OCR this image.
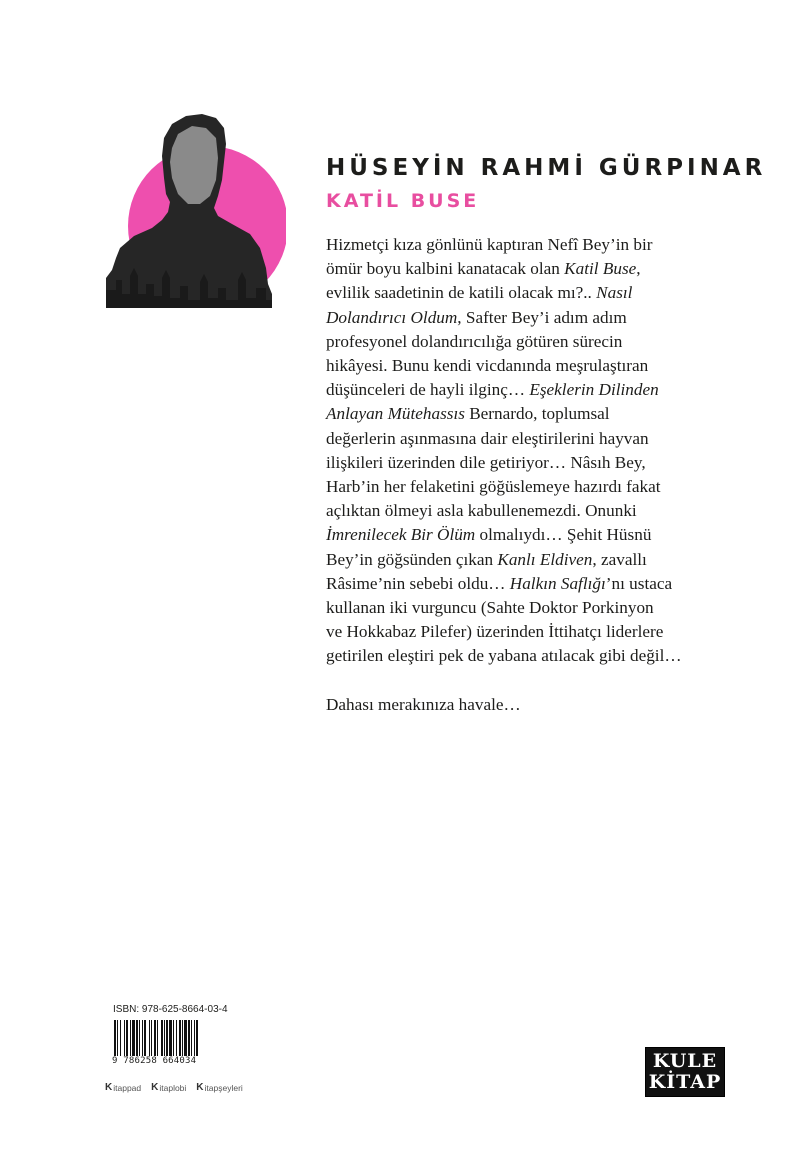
HÜSEYİN RAHMİ GÜRPINAR
KATİL BUSE
Hizmetçi kıza gönlünü kaptıran Nefî Bey’in bir
ömür boyu kalbini kanatacak olan Katil Buse,
evlilik saadetinin de katili olacak mı?.. Nasıl
Dolandırıcı Oldum, Safter Bey’i adım adım
profesyonel dolandırıcılığa götüren sürecin
hikâyesi. Bunu kendi vicdanında meşrulaştıran
düşünceleri de hayli ilginç… Eşeklerin Dilinden
Anlayan Mütehassıs Bernardo, toplumsal
değerlerin aşınmasına dair eleştirilerini hayvan
ilişkileri üzerinden dile getiriyor… Nâsıh Bey,
Harb’in her felaketini göğüslemeye hazırdı fakat
açlıktan ölmeyi asla kabullenemezdi. Onunki
İmrenilecek Bir Ölüm olmalıydı… Şehit Hüsnü
Bey’in göğsünden çıkan Kanlı Eldiven, zavallı
Râsime’nin sebebi oldu… Halkın Saflığı’nı ustaca
kullanan iki vurguncu (Sahte Doktor Porkinyon
ve Hokkabaz Pilefer) üzerinden İttihatçı liderlere
getirilen eleştiri pek de yabana atılacak gibi değil…
Dahası merakınıza havale…
ISBN: 978-625-8664-03-4
9 786258 664034
K itappad K itaplobi K itapşeyleri
KULE
KİTAP
